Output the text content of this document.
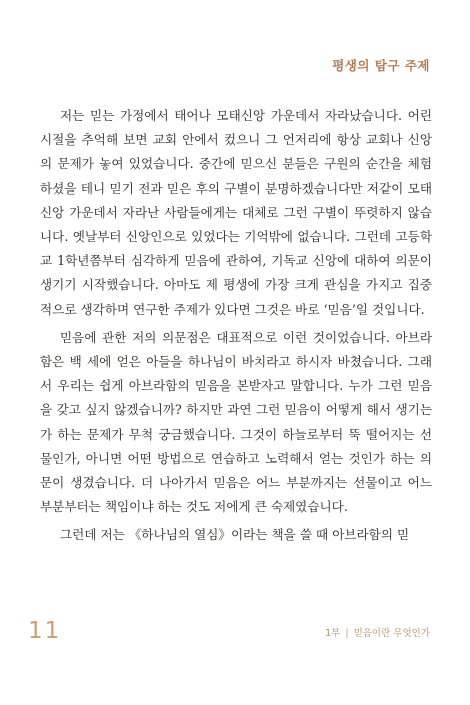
평생의 탐구 주제

저는 믿는 가정에서 태어나 모태신앙 가운데서 자라났습니다. 어린 시절을 추억해 보면 교회 안에서 컸으니 그 언저리에 항상 교회나 신앙의 문제가 놓여 있었습니다. 중간에 믿으신 분들은 구원의 순간을 체험하셨을 테니 믿기 전과 믿은 후의 구별이 분명하겠습니다만 저같이 모태신앙 가운데서 자라난 사람들에게는 대체로 그런 구별이 뚜렷하지 않습니다. 옛날부터 신앙인으로 있었다는 기억밖에 없습니다. 그런데 고등학교 1학년쯤부터 심각하게 믿음에 관하여, 기독교 신앙에 대하여 의문이 생기기 시작했습니다. 아마도 제 평생에 가장 크게 관심을 가지고 집중적으로 생각하며 연구한 주제가 있다면 그것은 바로 ‘믿음’일 것입니다.

믿음에 관한 저의 의문점은 대표적으로 이런 것이었습니다. 아브라함은 백 세에 얻은 아들을 하나님이 바치라고 하시자 바쳤습니다. 그래서 우리는 쉽게 아브라함의 믿음을 본받자고 말합니다. 누가 그런 믿음을 갖고 싶지 않겠습니까? 하지만 과연 그런 믿음이 어떻게 해서 생기는가 하는 문제가 무척 궁금했습니다. 그것이 하늘로부터 뚝 떨어지는 선물인가, 아니면 어떤 방법으로 연습하고 노력해서 얻는 것인가 하는 의문이 생겼습니다. 더 나아가서 믿음은 어느 부분까지는 선물이고 어느 부분부터는 책임이냐 하는 것도 저에게 큰 숙제였습니다.

그런데 저는 《하나님의 열심》이라는 책을 쓸 때 아브라함의 믿

11	1부 | 믿음이란 무엇인가
